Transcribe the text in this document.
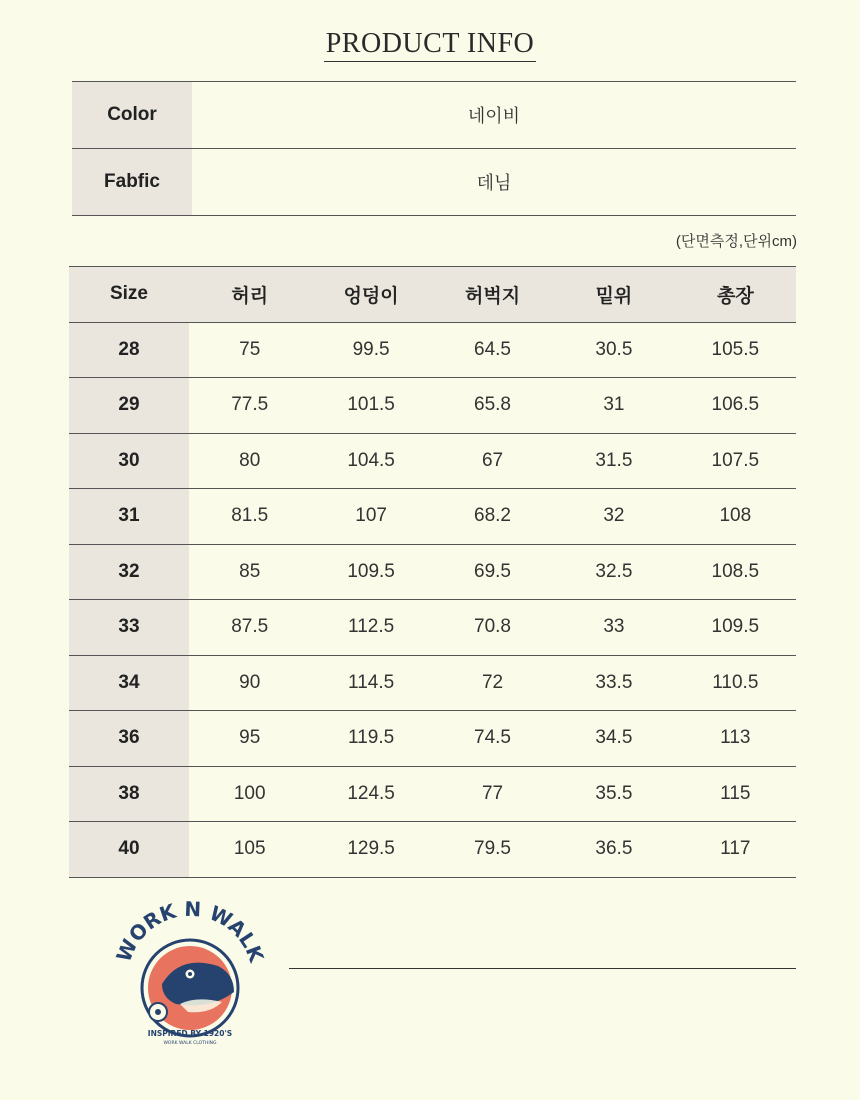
PRODUCT INFO
Color	네이비
Fabfic	데님
(단면측정,단위cm)
Size	허리	엉덩이	허벅지	밑위	총장
28	75	99.5	64.5	30.5	105.5
29	77.5	101.5	65.8	31	106.5
30	80	104.5	67	31.5	107.5
31	81.5	107	68.2	32	108
32	85	109.5	69.5	32.5	108.5
33	87.5	112.5	70.8	33	109.5
34	90	114.5	72	33.5	110.5
36	95	119.5	74.5	34.5	113
38	100	124.5	77	35.5	115
40	105	129.5	79.5	36.5	117
WORK N WALK
INSPIRED BY 1920'S
WORK WALK CLOTHING
